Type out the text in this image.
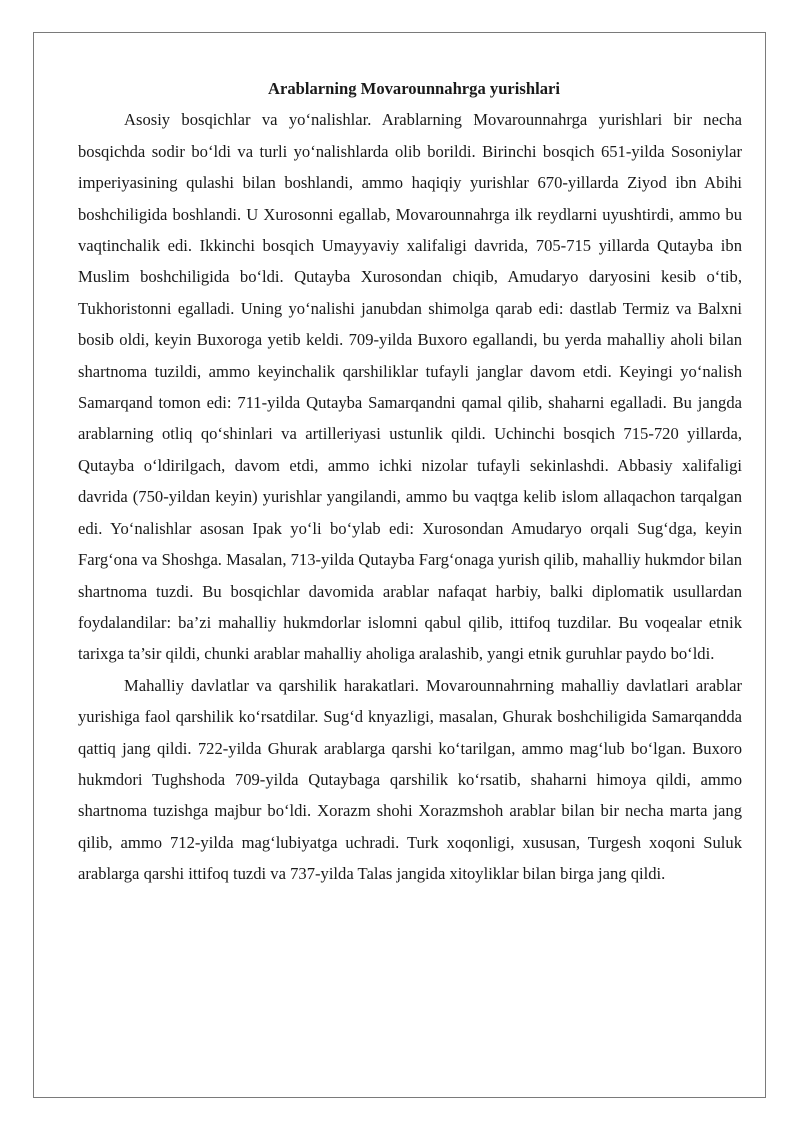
Arablarning Movarounnahrga yurishlari

Asosiy bosqichlar va yo‘nalishlar. Arablarning Movarounnahrga yurishlari bir necha bosqichda sodir bo‘ldi va turli yo‘nalishlarda olib borildi. Birinchi bosqich 651-yilda Sosoniylar imperiyasining qulashi bilan boshlandi, ammo haqiqiy yurishlar 670-yillarda Ziyod ibn Abihi boshchiligida boshlandi. U Xurosonni egallab, Movarounnahrga ilk reydlarni uyushtirdi, ammo bu vaqtinchalik edi. Ikkinchi bosqich Umayyaviy xalifaligi davrida, 705-715 yillarda Qutayba ibn Muslim boshchiligida bo‘ldi. Qutayba Xurosondan chiqib, Amudaryo daryosini kesib o‘tib, Tukhoristonni egalladi. Uning yo‘nalishi janubdan shimolga qarab edi: dastlab Termiz va Balxni bosib oldi, keyin Buxoroga yetib keldi. 709-yilda Buxoro egallandi, bu yerda mahalliy aholi bilan shartnoma tuzildi, ammo keyinchalik qarshiliklar tufayli janglar davom etdi. Keyingi yo‘nalish Samarqand tomon edi: 711-yilda Qutayba Samarqandni qamal qilib, shaharni egalladi. Bu jangda arablarning otliq qo‘shinlari va artilleriyasi ustunlik qildi. Uchinchi bosqich 715-720 yillarda, Qutayba o‘ldirilgach, davom etdi, ammo ichki nizolar tufayli sekinlashdi. Abbasiy xalifaligi davrida (750-yildan keyin) yurishlar yangilandi, ammo bu vaqtga kelib islom allaqachon tarqalgan edi. Yo‘nalishlar asosan Ipak yo‘li bo‘ylab edi: Xurosondan Amudaryo orqali Sug‘dga, keyin Farg‘ona va Shoshga. Masalan, 713-yilda Qutayba Farg‘onaga yurish qilib, mahalliy hukmdor bilan shartnoma tuzdi. Bu bosqichlar davomida arablar nafaqat harbiy, balki diplomatik usullardan foydalandilar: ba’zi mahalliy hukmdorlar islomni qabul qilib, ittifoq tuzdilar. Bu voqealar etnik tarixga ta’sir qildi, chunki arablar mahalliy aholiga aralashib, yangi etnik guruhlar paydo bo‘ldi.

Mahalliy davlatlar va qarshilik harakatlari. Movarounnahrning mahalliy davlatlari arablar yurishiga faol qarshilik ko‘rsatdilar. Sug‘d knyazligi, masalan, Ghurak boshchiligida Samarqandda qattiq jang qildi. 722-yilda Ghurak arablarga qarshi ko‘tarilgan, ammo mag‘lub bo‘lgan. Buxoro hukmdori Tughshoda 709-yilda Qutaybaga qarshilik ko‘rsatib, shaharni himoya qildi, ammo shartnoma tuzishga majbur bo‘ldi. Xorazm shohi Xorazmshoh arablar bilan bir necha marta jang qilib, ammo 712-yilda mag‘lubiyatga uchradi. Turk xoqonligi, xususan, Turgesh xoqoni Suluk arablarga qarshi ittifoq tuzdi va 737-yilda Talas jangida xitoyliklar bilan birga jang qildi.
